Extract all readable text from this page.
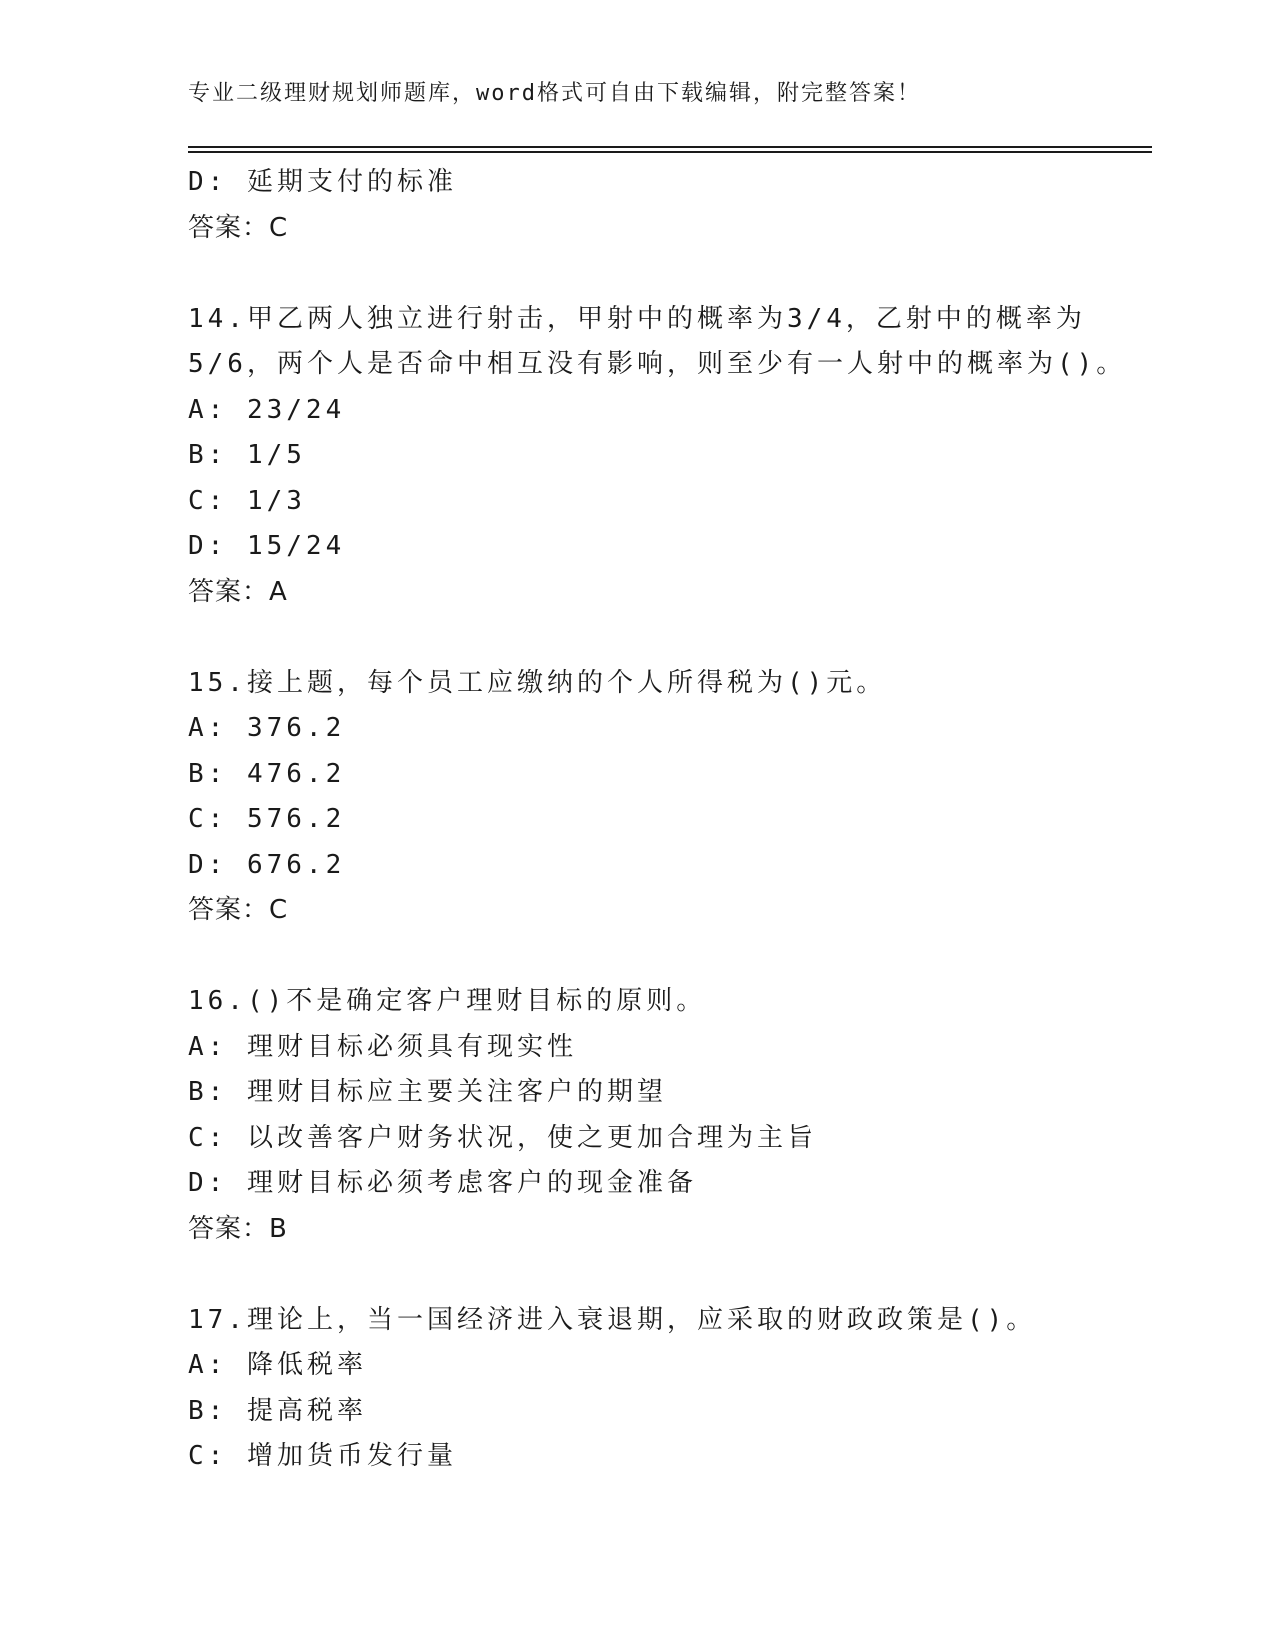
专业二级理财规划师题库，word格式可自由下载编辑，附完整答案！
D: 延期支付的标准
答案：C
14.甲乙两人独立进行射击，甲射中的概率为3/4，乙射中的概率为
5/6，两个人是否命中相互没有影响，则至少有一人射中的概率为()。
A: 23/24
B: 1/5
C: 1/3
D: 15/24
答案：A
15.接上题，每个员工应缴纳的个人所得税为()元。
A: 376.2
B: 476.2
C: 576.2
D: 676.2
答案：C
16.()不是确定客户理财目标的原则。
A: 理财目标必须具有现实性
B: 理财目标应主要关注客户的期望
C: 以改善客户财务状况，使之更加合理为主旨
D: 理财目标必须考虑客户的现金准备
答案：B
17.理论上，当一国经济进入衰退期，应采取的财政政策是()。
A: 降低税率
B: 提高税率
C: 增加货币发行量
